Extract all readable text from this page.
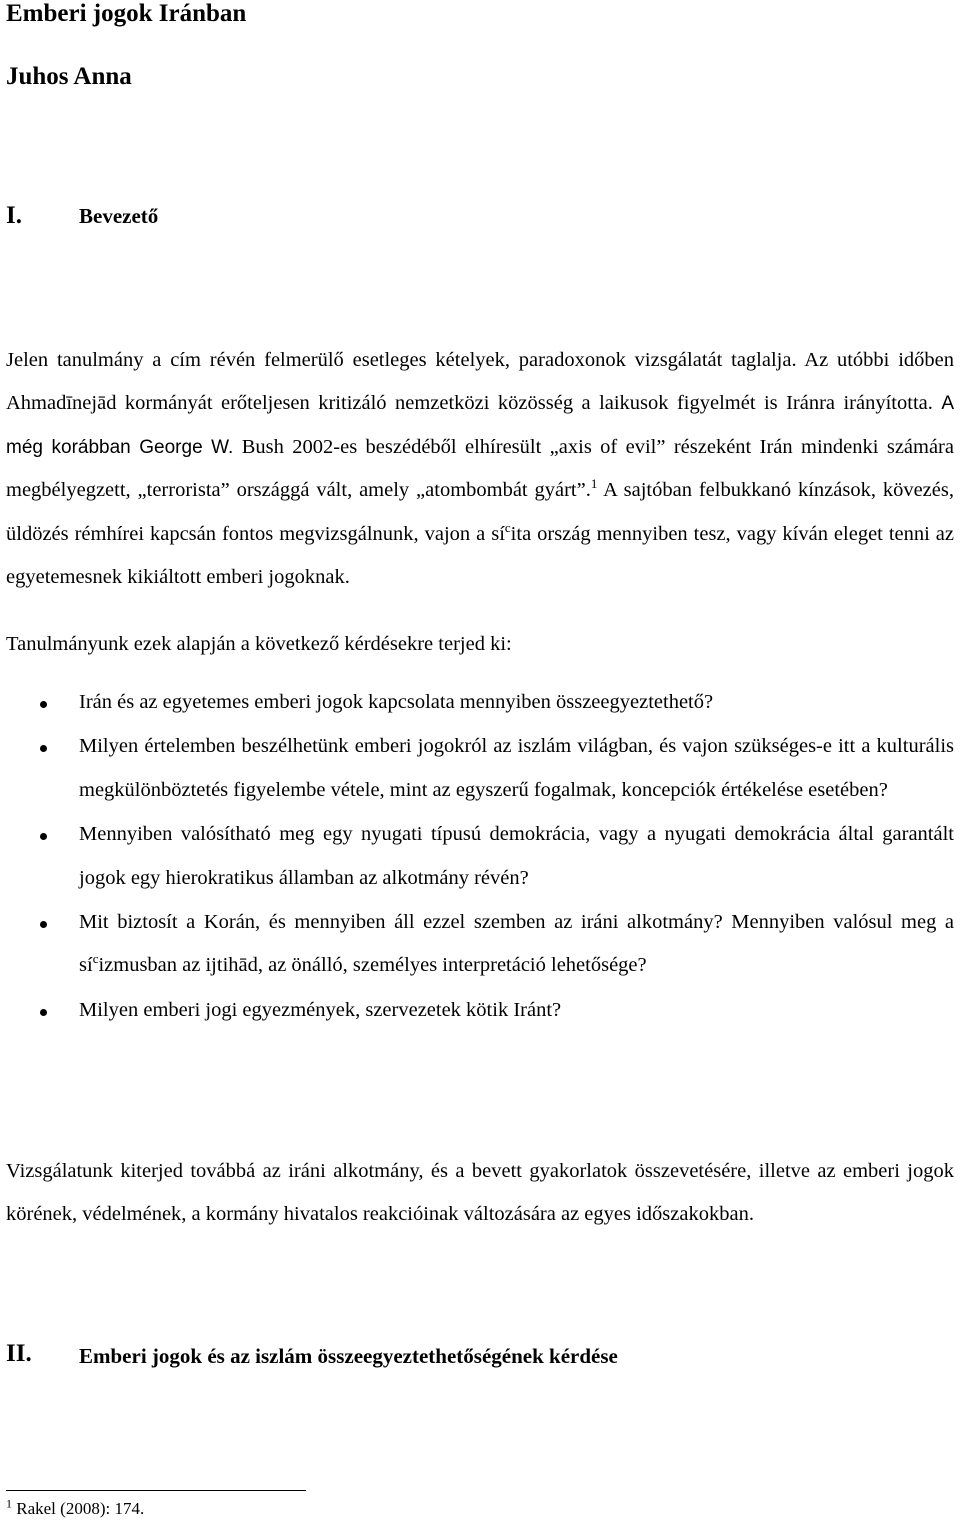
Emberi jogok Iránban
Juhos Anna
I.	Bevezető
Jelen tanulmány a cím révén felmerülő esetleges kételyek, paradoxonok vizsgálatát taglalja. Az utóbbi időben Ahmadīnejād kormányát erőteljesen kritizáló nemzetközi közösség a laikusok figyelmét is Iránra irányította. A még korábban George W. Bush 2002-es beszédéből elhíresült „axis of evil” részeként Irán mindenki számára megbélyegzett, „terrorista” országgá vált, amely „atombombát gyárt”.$^1$ A sajtóban felbukkanó kínzások, kövezés, üldözés rémhírei kapcsán fontos megvizsgálnunk, vajon a $sí^cita$ ország mennyiben tesz, vagy kíván eleget tenni az egyetemesnek kikiáltott emberi jogoknak.
Tanulmányunk ezek alapján a következő kérdésekre terjed ki:
Irán és az egyetemes emberi jogok kapcsolata mennyiben összeegyeztethető?
Milyen értelemben beszélhetünk emberi jogokról az iszlám világban, és vajon szükséges-e itt a kulturális megkülönböztetés figyelembe vétele, mint az egyszerű fogalmak, koncepciók értékelése esetében?
Mennyiben valósítható meg egy nyugati típusú demokrácia, vagy a nyugati demokrácia által garantált jogok egy hierokratikus államban az alkotmány révén?
Mit biztosít a Korán, és mennyiben áll ezzel szemben az iráni alkotmány? Mennyiben valósul meg a $sí^cizmusban$ az ijtihād, az önálló, személyes interpretáció lehetősége?
Milyen emberi jogi egyezmények, szervezetek kötik Iránt?
Vizsgálatunk kiterjed továbbá az iráni alkotmány, és a bevett gyakorlatok összevetésére, illetve az emberi jogok körének, védelmének, a kormány hivatalos reakcióinak változására az egyes időszakokban.
II. Emberi jogok és az iszlám összeegyeztethetőségének kérdése
$^1$ Rakel (2008): 174.
